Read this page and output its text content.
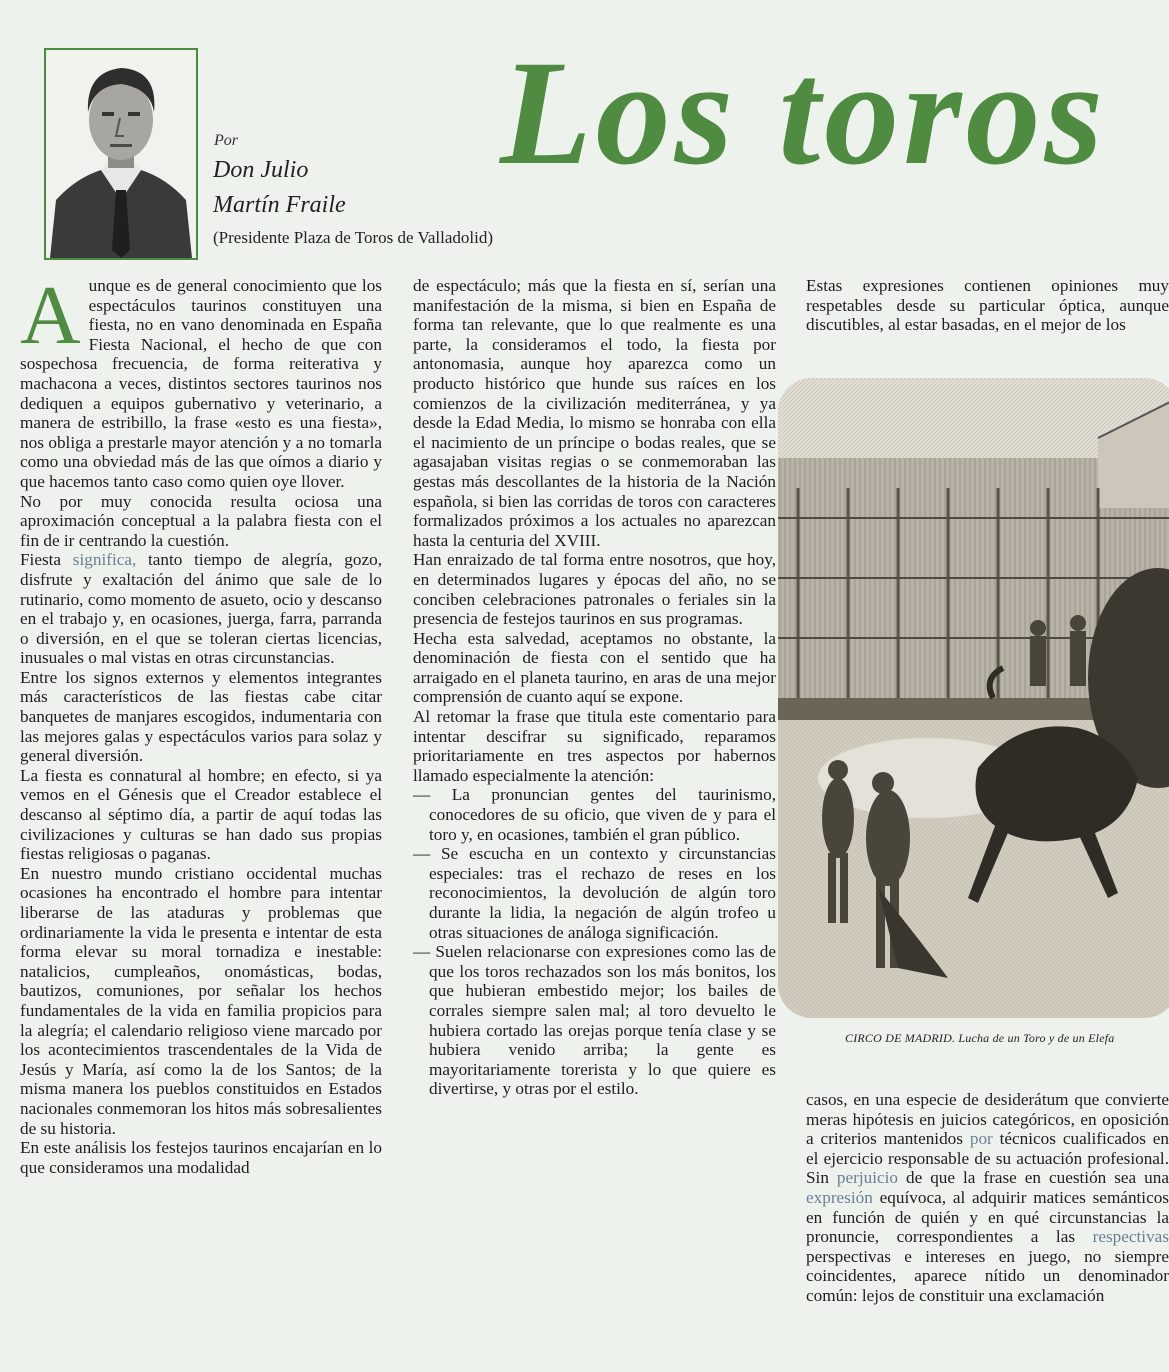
Por
Don Julio
Martín Fraile
(Presidente Plaza de Toros de Valladolid)
Los toros

Aunque es de general conocimiento que los espectáculos taurinos constituyen una fiesta, no en vano denominada en España Fiesta Nacional, el hecho de que con sospechosa frecuencia, de forma reiterativa y machacona a veces, distintos sectores taurinos nos dediquen a equipos gubernativo y veterinario, a manera de estribillo, la frase «esto es una fiesta», nos obliga a prestarle mayor atención y a no tomarla como una obviedad más de las que oímos a diario y que hacemos tanto caso como quien oye llover.

No por muy conocida resulta ociosa una aproximación conceptual a la palabra fiesta con el fin de ir centrando la cuestión.

Fiesta significa, tanto tiempo de alegría, gozo, disfrute y exaltación del ánimo que sale de lo rutinario, como momento de asueto, ocio y descanso en el trabajo y, en ocasiones, juerga, farra, parranda o diversión, en el que se toleran ciertas licencias, inusuales o mal vistas en otras circunstancias.

Entre los signos externos y elementos integrantes más característicos de las fiestas cabe citar banquetes de manjares escogidos, indumentaria con las mejores galas y espectáculos varios para solaz y general diversión.

La fiesta es connatural al hombre; en efecto, si ya vemos en el Génesis que el Creador establece el descanso al séptimo día, a partir de aquí todas las civilizaciones y culturas se han dado sus propias fiestas religiosas o paganas.

En nuestro mundo cristiano occidental muchas ocasiones ha encontrado el hombre para intentar liberarse de las ataduras y problemas que ordinariamente la vida le presenta e intentar de esta forma elevar su moral tornadiza e inestable: natalicios, cumpleaños, onomásticas, bodas, bautizos, comuniones, por señalar los hechos fundamentales de la vida en familia propicios para la alegría; el calendario religioso viene marcado por los acontecimientos trascendentales de la Vida de Jesús y María, así como la de los Santos; de la misma manera los pueblos constituidos en Estados nacionales conmemoran los hitos más sobresalientes de su historia.

En este análisis los festejos taurinos encajarían en lo que consideramos una modalidad

de espectáculo; más que la fiesta en sí, serían una manifestación de la misma, si bien en España de forma tan relevante, que lo que realmente es una parte, la consideramos el todo, la fiesta por antonomasia, aunque hoy aparezca como un producto histórico que hunde sus raíces en los comienzos de la civilización mediterránea, y ya desde la Edad Media, lo mismo se honraba con ella el nacimiento de un príncipe o bodas reales, que se agasajaban visitas regias o se conmemoraban las gestas más descollantes de la historia de la Nación española, si bien las corridas de toros con caracteres formalizados próximos a los actuales no aparezcan hasta la centuria del XVIII.

Han enraizado de tal forma entre nosotros, que hoy, en determinados lugares y épocas del año, no se conciben celebraciones patronales o feriales sin la presencia de festejos taurinos en sus programas.

Hecha esta salvedad, aceptamos no obstante, la denominación de fiesta con el sentido que ha arraigado en el planeta taurino, en aras de una mejor comprensión de cuanto aquí se expone.

Al retomar la frase que titula este comentario para intentar descifrar su significado, reparamos prioritariamente en tres aspectos por habernos llamado especialmente la atención:

— La pronuncian gentes del taurinismo, conocedores de su oficio, que viven de y para el toro y, en ocasiones, también el gran público.

— Se escucha en un contexto y circunstancias especiales: tras el rechazo de reses en los reconocimientos, la devolución de algún toro durante la lidia, la negación de algún trofeo u otras situaciones de análoga significación.

— Suelen relacionarse con expresiones como las de que los toros rechazados son los más bonitos, los que hubieran embestido mejor; los bailes de corrales siempre salen mal; al toro devuelto le hubiera cortado las orejas porque tenía clase y se hubiera venido arriba; la gente es mayoritariamente torerista y lo que quiere es divertirse, y otras por el estilo.

Estas expresiones contienen opiniones muy respetables desde su particular óptica, aunque discutibles, al estar basadas, en el mejor de los

CIRCO DE MADRID. Lucha de un Toro y de un Elefa

casos, en una especie de desiderátum que convierte meras hipótesis en juicios categóricos, en oposición a criterios mantenidos por técnicos cualificados en el ejercicio responsable de su actuación profesional. Sin perjuicio de que la frase en cuestión sea una expresión equívoca, al adquirir matices semánticos en función de quién y en qué circunstancias la pronuncie, correspondientes a las respectivas perspectivas e intereses en juego, no siempre coincidentes, aparece nítido un denominador común: lejos de constituir una exclamación
